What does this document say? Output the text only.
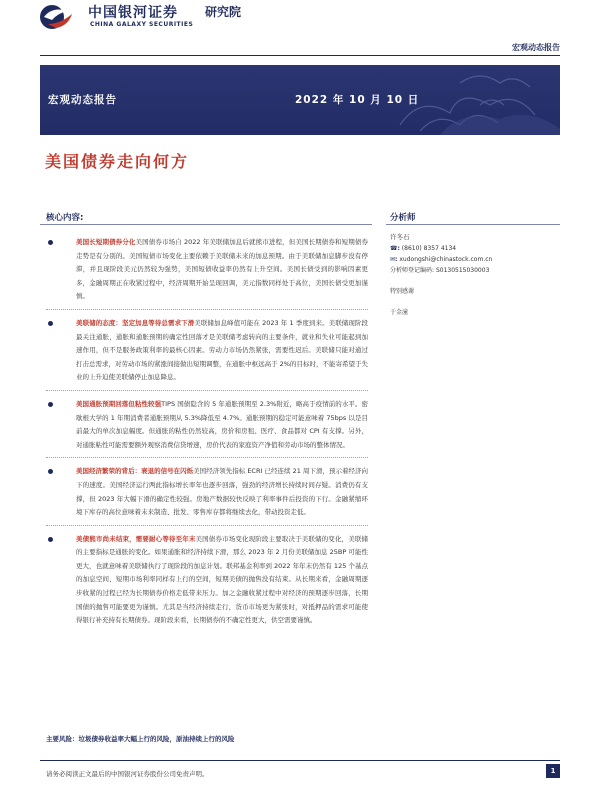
中国银河证券 研究院
CHINA GALAXY SECURITIES
宏观动态报告
宏观动态报告	2022 年 10 月 10 日
美国债券走向何方
核心内容:	分析师
美国长短期债券分化美国债券市场自 2022 年美联储加息后就熊市进程，但美国长期债券和短期债券走势是有分别的。美国短债市场变化主要依赖于美联储未来的加息预期。由于美联储加息脚步没有停滞，并且现阶段美元仍然较为强势，美国短债收益率仍然有上升空间。美国长债受到的影响因素更多，金融周期正在收紧过程中，经济周期开始呈现回调，美元指数同样处于高位，美国长债受更加谨慎。
美联储的态度：坚定加息等待总需求下滑美联储加息峰值可能在 2023 年 1 季度到来。美联储现阶段最关注通胀，通胀和通胀预期的确定性回落才是美联储考虑转向的主要条件，就业和失业可能起到加速作用，但不是服务政策利率的最核心因素。劳动力市场仍然紧张，需要性迟后。美联储只能对通过打击总需求，对劳动市场的紧涨间接做出短期调整，在通胀中枢远高于 2%的目标时，不能寄希望于失业的上升迫使美联储停止加息降息。
美国通胀预期回落但粘性较强TIPS 国债隐含的 5 年通胀预期至 2.3%附近，略高于疫情前的水平。密歇根大学的 1 年期消费者通胀预期从 5.3%降低至 4.7%。通胀预期的稳定可能意味着 75bps 以是目前最大的单次加息幅度。但通胀的粘性仍然较高，房价和房租、医疗、食品都对 CPI 有支撑。另外，对通胀粘性可能需要额外观察消费信贷增速，房价代表的家庭资产净值和劳动市场的整体情况。
美国经济繁荣的背后：衰退的信号在闪烁美国经济领先指标 ECRI 已经连续 21 周下滑，预示着经济向下的速度。美国经济运行两此指标增长率年也逐步回落，强劲的经济增长持续时间存疑。消费仍有支撑，但 2023 年大幅下滑的确定性较强。房地产数据较快反映了利率事件后投资的下行。金融紧缩环境下库存的高位意味着未来制造、批发、零售库存都将继续去化，带动投资走低。
美债熊市尚未结束，需要耐心等待至年末美国债券市场变化现阶段主要取决于美联储的变化，美联储的主要指标是通胀的变化。如果通胀和经济持续下滑，那么 2023 年 2 月份美联储加息 25BP 可能性更大，也就意味着美联储执行了现阶段的加息计划。联邦基金利率到 2022 年年末仍然有 125 个基点的加息空间，短期市场利率同样有上行的空间，短期美债的抛售没有结束。从长期来看，金融周期逐步收紧的过程已经为长期债券价格走低带来压力。加之金融收紧过程中对经济的预期逐步回落，长期国债的抛售可能要更为谨慎。尤其是当经济持续走行，货币市场更为紧张时，对抵押品的需求可能使得银行补充持有长期债券。现阶段来看，长期债券的不确定性更大，供空需要谨慎。
许冬石
☎: (8610) 8357 4134
✉: xudongshi@chinastock.com.cn
分析师登记编码: S0130515030003
特别感谢
于金潼
主要风险：垃圾债券收益率大幅上行的风险，原油持续上行的风险
请务必阅读正文最后的中国银河证券股份公司免责声明。	1
